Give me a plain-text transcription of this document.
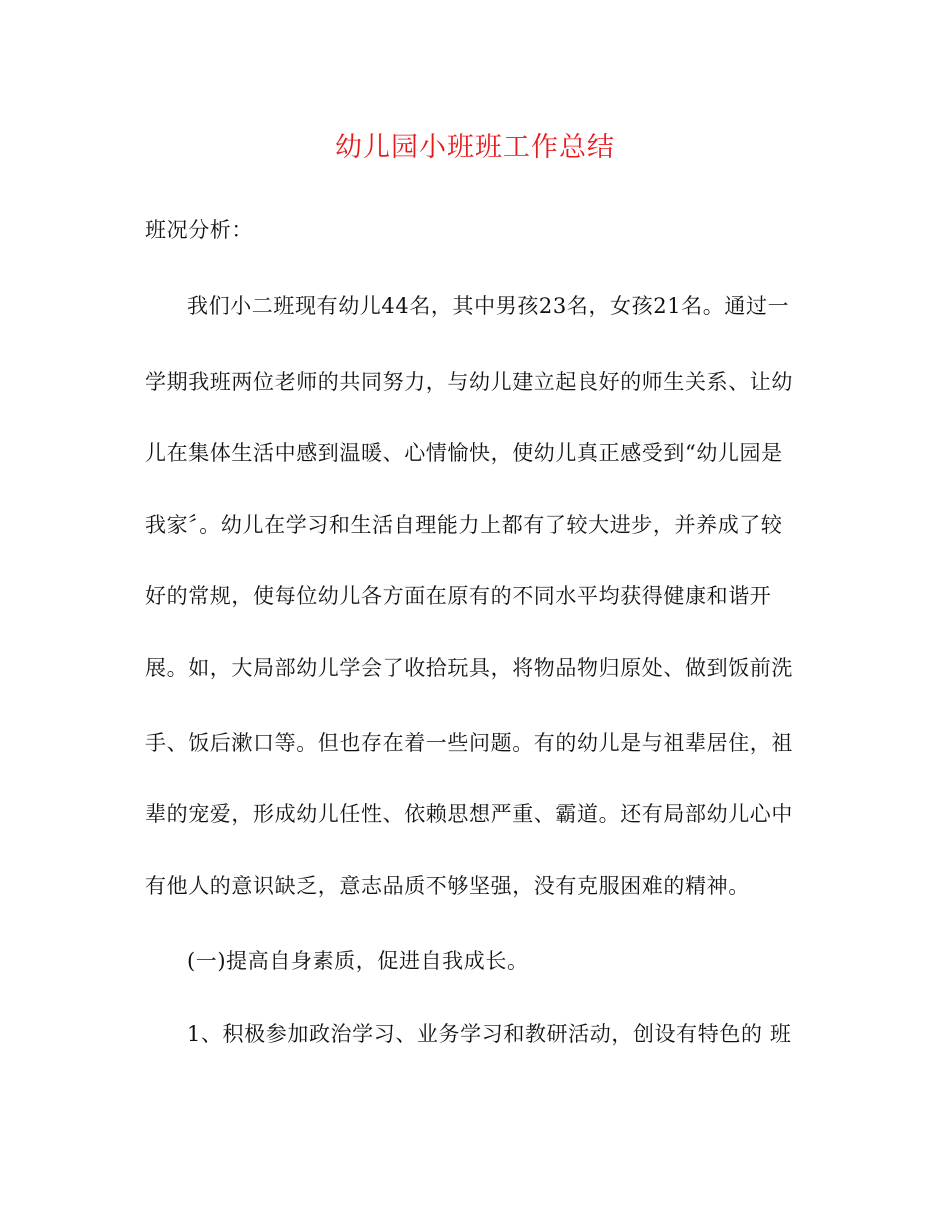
幼儿园小班班工作总结
班况分析：
我们小二班现有幼儿44名，其中男孩23名，女孩21名。通过一
学期我班两位老师的共同努力，与幼儿建立起良好的师生关系、让幼
儿在集体生活中感到温暖、心情愉快，使幼儿真正感受到“幼儿园是
我家〞。幼儿在学习和生活自理能力上都有了较大进步，并养成了较
好的常规，使每位幼儿各方面在原有的不同水平均获得健康和谐开
展。如，大局部幼儿学会了收拾玩具，将物品物归原处、做到饭前洗
手、饭后漱口等。但也存在着一些问题。有的幼儿是与祖辈居住，祖
辈的宠爱，形成幼儿任性、依赖思想严重、霸道。还有局部幼儿心中
有他人的意识缺乏，意志品质不够坚强，没有克服困难的精神。
(一)提高自身素质，促进自我成长。
1、积极参加政治学习、业务学习和教研活动，创设有特色的 班
